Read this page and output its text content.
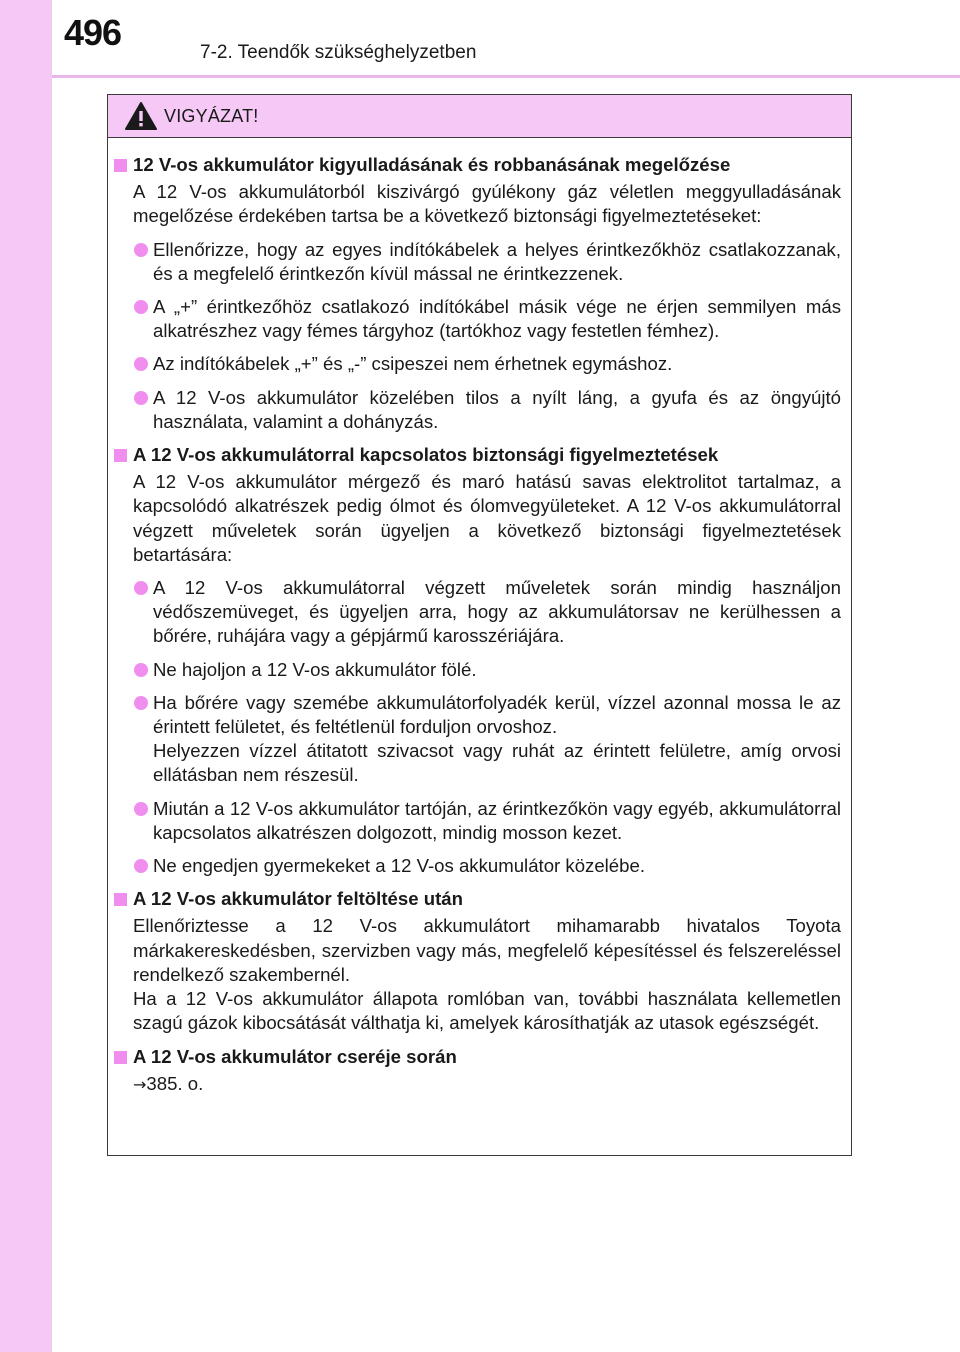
496	7-2. Teendők szükséghelyzetben
VIGYÁZAT!
12 V-os akkumulátor kigyulladásának és robbanásának megelőzése
A 12 V-os akkumulátorból kiszivárgó gyúlékony gáz véletlen meggyulladásának megelőzése érdekében tartsa be a következő biztonsági figyelmeztetéseket:
Ellenőrizze, hogy az egyes indítókábelek a helyes érintkezőkhöz csatlakozzanak, és a megfelelő érintkezőn kívül mással ne érintkezzenek.
A „+” érintkezőhöz csatlakozó indítókábel másik vége ne érjen semmilyen más alkatrészhez vagy fémes tárgyhoz (tartókhoz vagy festetlen fémhez).
Az indítókábelek „+” és „-” csipeszei nem érhetnek egymáshoz.
A 12 V-os akkumulátor közelében tilos a nyílt láng, a gyufa és az öngyújtó használata, valamint a dohányzás.
A 12 V-os akkumulátorral kapcsolatos biztonsági figyelmeztetések
A 12 V-os akkumulátor mérgező és maró hatású savas elektrolitot tartalmaz, a kapcsolódó alkatrészek pedig ólmot és ólomvegyületeket. A 12 V-os akkumulátorral végzett műveletek során ügyeljen a következő biztonsági figyelmeztetések betartására:
A 12 V-os akkumulátorral végzett műveletek során mindig használjon védőszemüveget, és ügyeljen arra, hogy az akkumulátorsav ne kerülhessen a bőrére, ruhájára vagy a gépjármű karosszériájára.
Ne hajoljon a 12 V-os akkumulátor fölé.
Ha bőrére vagy szemébe akkumulátorfolyadék kerül, vízzel azonnal mossa le az érintett felületet, és feltétlenül forduljon orvoshoz.
Helyezzen vízzel átitatott szivacsot vagy ruhát az érintett felületre, amíg orvosi ellátásban nem részesül.
Miután a 12 V-os akkumulátor tartóján, az érintkezőkön vagy egyéb, akkumulátorral kapcsolatos alkatrészen dolgozott, mindig mosson kezet.
Ne engedjen gyermekeket a 12 V-os akkumulátor közelébe.
A 12 V-os akkumulátor feltöltése után
Ellenőriztesse a 12 V-os akkumulátort mihamarabb hivatalos Toyota márkakereskedésben, szervizben vagy más, megfelelő képesítéssel és felszereléssel rendelkező szakembernél.
Ha a 12 V-os akkumulátor állapota romlóban van, további használata kellemetlen szagú gázok kibocsátását válthatja ki, amelyek károsíthatják az utasok egészségét.
A 12 V-os akkumulátor cseréje során
→385. o.
